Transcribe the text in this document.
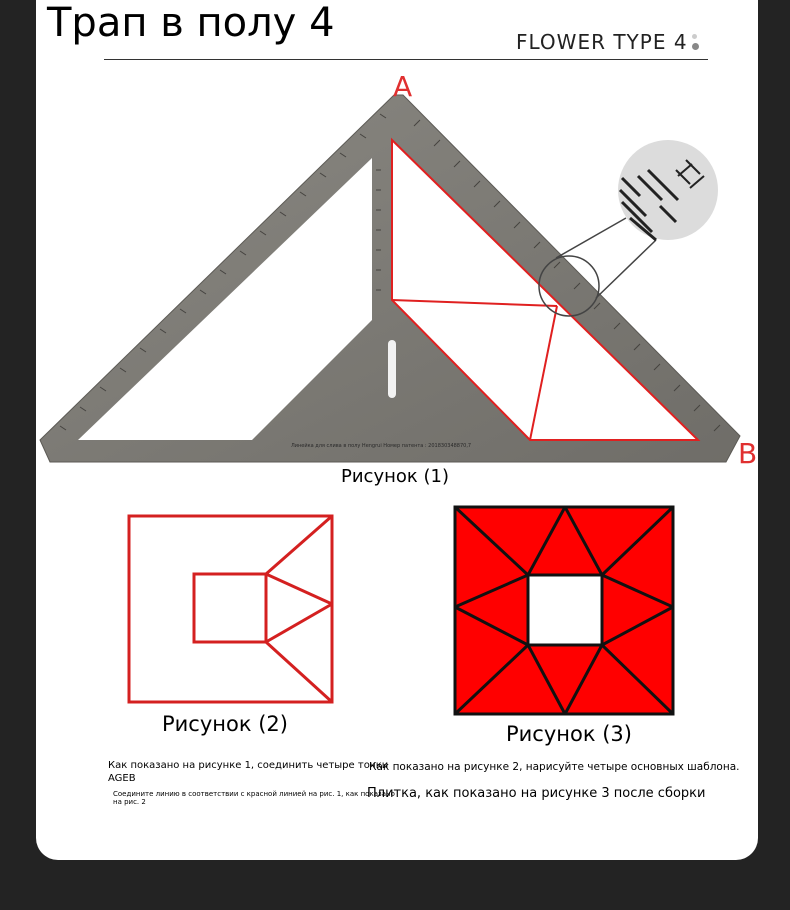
Трап в полу 4	FLOWER TYPE 4
A
B
Линейка для слива в полу Hengrui Номер патента : 201830348870,7
Рисунок (1)
Рисунок (2)	Рисунок (3)
Как показано на рисунке 1, соединить четыре точки
AGEB
Соедините линию в соответствии с красной линией на рис. 1, как показано
на рис. 2
Как показано на рисунке 2, нарисуйте четыре основных шаблона.
Плитка, как показано на рисунке 3 после сборки
